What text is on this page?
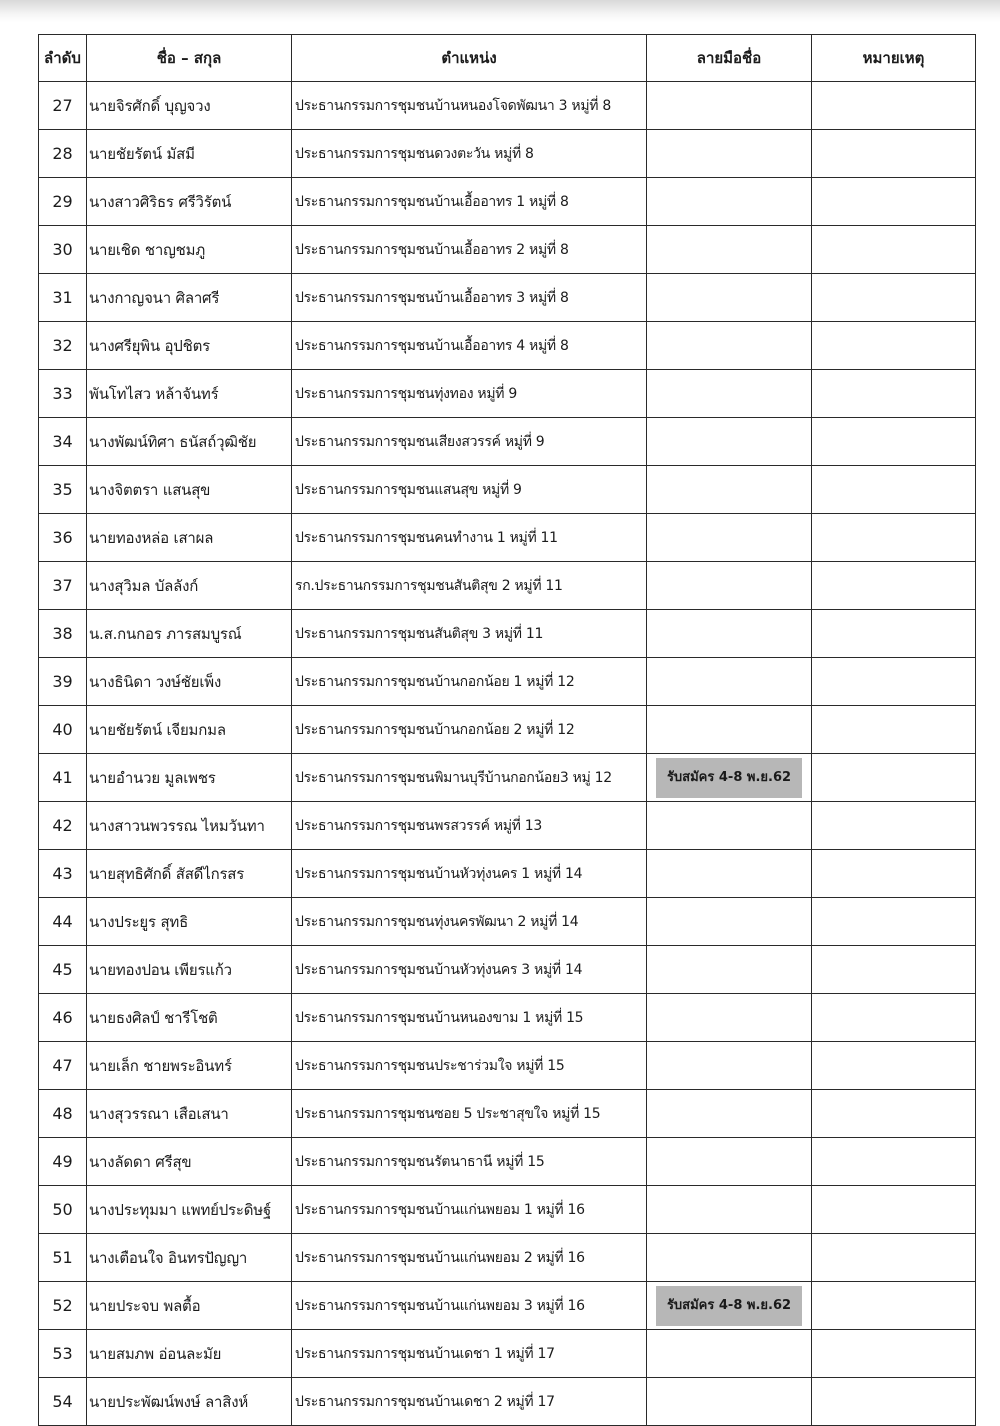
ลำดับ	ชื่อ – สกุล	ตำแหน่ง	ลายมือชื่อ	หมายเหตุ
27	นายจิรศักดิ์ บุญจวง	ประธานกรรมการชุมชนบ้านหนองโจดพัฒนา 3 หมู่ที่ 8		
28	นายชัยรัตน์ มัสมี	ประธานกรรมการชุมชนดวงตะวัน หมู่ที่ 8		
29	นางสาวศิริธร ศรีวิรัตน์	ประธานกรรมการชุมชนบ้านเอื้ออาทร 1 หมู่ที่ 8		
30	นายเชิด ชาญชมภู	ประธานกรรมการชุมชนบ้านเอื้ออาทร 2 หมู่ที่ 8		
31	นางกาญจนา ศิลาศรี	ประธานกรรมการชุมชนบ้านเอื้ออาทร 3 หมู่ที่ 8		
32	นางศรียุพิน อุปชิตร	ประธานกรรมการชุมชนบ้านเอื้ออาทร 4 หมู่ที่ 8		
33	พันโทไสว หล้าจันทร์	ประธานกรรมการชุมชนทุ่งทอง หมู่ที่ 9		
34	นางพัฒน์ทิศา ธนัสถ์วุฒิชัย	ประธานกรรมการชุมชนเสียงสวรรค์ หมู่ที่ 9		
35	นางจิตตรา แสนสุข	ประธานกรรมการชุมชนแสนสุข หมู่ที่ 9		
36	นายทองหล่อ เสาผล	ประธานกรรมการชุมชนคนทำงาน 1 หมู่ที่ 11		
37	นางสุวิมล บัลลังก์	รก.ประธานกรรมการชุมชนสันติสุข 2 หมู่ที่ 11		
38	น.ส.กนกอร ภารสมบูรณ์	ประธานกรรมการชุมชนสันติสุข 3 หมู่ที่ 11		
39	นางธินิดา วงษ์ชัยเพ็ง	ประธานกรรมการชุมชนบ้านกอกน้อย 1 หมู่ที่ 12		
40	นายชัยรัตน์ เจียมกมล	ประธานกรรมการชุมชนบ้านกอกน้อย 2 หมู่ที่ 12		
41	นายอำนวย มูลเพชร	ประธานกรรมการชุมชนพิมานบุรีบ้านกอกน้อย3 หมู่ 12	รับสมัคร 4-8 พ.ย.62	
42	นางสาวนพวรรณ ไหมวันทา	ประธานกรรมการชุมชนพรสวรรค์ หมู่ที่ 13		
43	นายสุทธิศักดิ์ สัสดีไกรสร	ประธานกรรมการชุมชนบ้านหัวทุ่งนคร 1 หมู่ที่ 14		
44	นางประยูร สุทธิ	ประธานกรรมการชุมชนทุ่งนครพัฒนา 2 หมู่ที่ 14		
45	นายทองปอน เพียรแก้ว	ประธานกรรมการชุมชนบ้านหัวทุ่งนคร 3 หมู่ที่ 14		
46	นายธงศิลป์ ชารีโชติ	ประธานกรรมการชุมชนบ้านหนองขาม 1 หมู่ที่ 15		
47	นายเล็ก ชายพระอินทร์	ประธานกรรมการชุมชนประชาร่วมใจ หมู่ที่ 15		
48	นางสุวรรณา เสือเสนา	ประธานกรรมการชุมชนซอย 5 ประชาสุขใจ หมู่ที่ 15		
49	นางลัดดา ศรีสุข	ประธานกรรมการชุมชนรัตนาธานี หมู่ที่ 15		
50	นางประทุมมา แพทย์ประดิษฐ์	ประธานกรรมการชุมชนบ้านแก่นพยอม 1 หมู่ที่ 16		
51	นางเตือนใจ อินทรปัญญา	ประธานกรรมการชุมชนบ้านแก่นพยอม 2 หมู่ที่ 16		
52	นายประจบ พลตื้อ	ประธานกรรมการชุมชนบ้านแก่นพยอม 3 หมู่ที่ 16	รับสมัคร 4-8 พ.ย.62	
53	นายสมภพ อ่อนละมัย	ประธานกรรมการชุมชนบ้านเดชา 1 หมู่ที่ 17		
54	นายประพัฒน์พงษ์ ลาสิงห์	ประธานกรรมการชุมชนบ้านเดชา 2 หมู่ที่ 17		
